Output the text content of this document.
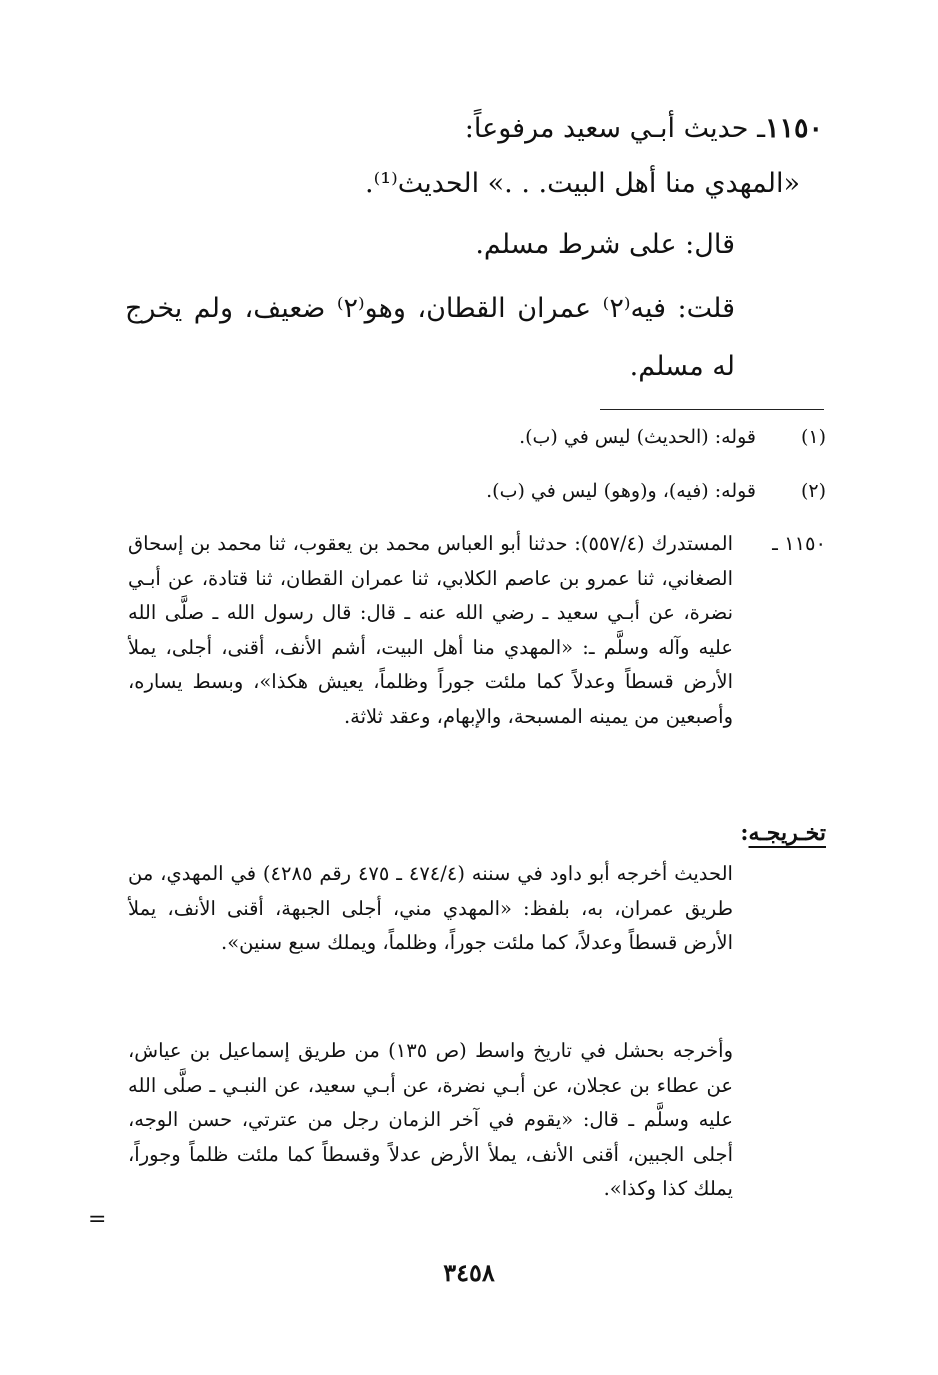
١١٥٠ـ حديث أبـي سعيد مرفوعاً:
«المهدي منا أهل البيت. . .» الحديث⁽¹⁾.
قال: على شرط مسلم.
قلت: فيه⁽٢⁾ عمران القطان، وهو⁽٢⁾ ضعيف، ولم يخرج له مسلم.
(١)قوله: (الحديث) ليس في (ب).
(٢)قوله: (فيه)، و(وهو) ليس في (ب).
١١٥٠ ـ
المستدرك (٥٥٧/٤): حدثنا أبو العباس محمد بن يعقوب، ثنا محمد بن إسحاق الصغاني، ثنا عمرو بن عاصم الكلابي، ثنا عمران القطان، ثنا قتادة، عن أبـي نضرة، عن أبـي سعيد ـ رضي الله عنه ـ قال: قال رسول الله ـ صلَّى الله عليه وآله وسلَّم ـ: «المهدي منا أهل البيت، أشم الأنف، أقنى، أجلى، يملأ الأرض قسطاً وعدلاً كما ملئت جوراً وظلماً، يعيش هكذا»، وبسط يساره، وأصبعين من يمينه المسبحة، والإبهام، وعقد ثلاثة.
تخـريجـه:
الحديث أخرجه أبو داود في سننه (٤٧٤/٤ ـ ٤٧٥ رقم ٤٢٨٥) في المهدي، من طريق عمران، به، بلفظ: «المهدي مني، أجلى الجبهة، أقنى الأنف، يملأ الأرض قسطاً وعدلاً، كما ملئت جوراً، وظلماً، ويملك سبع سنين».
وأخرجه بحشل في تاريخ واسط (ص ١٣٥) من طريق إسماعيل بن عياش، عن عطاء بن عجلان، عن أبـي نضرة، عن أبـي سعيد، عن النبـي ـ صلَّى الله عليه وسلَّم ـ قال: «يقوم في آخر الزمان رجل من عترتي، حسن الوجه، أجلى الجبين، أقنى الأنف، يملأ الأرض عدلاً وقسطاً كما ملئت ظلماً وجوراً، يملك كذا وكذا».
=
٣٤٥٨
